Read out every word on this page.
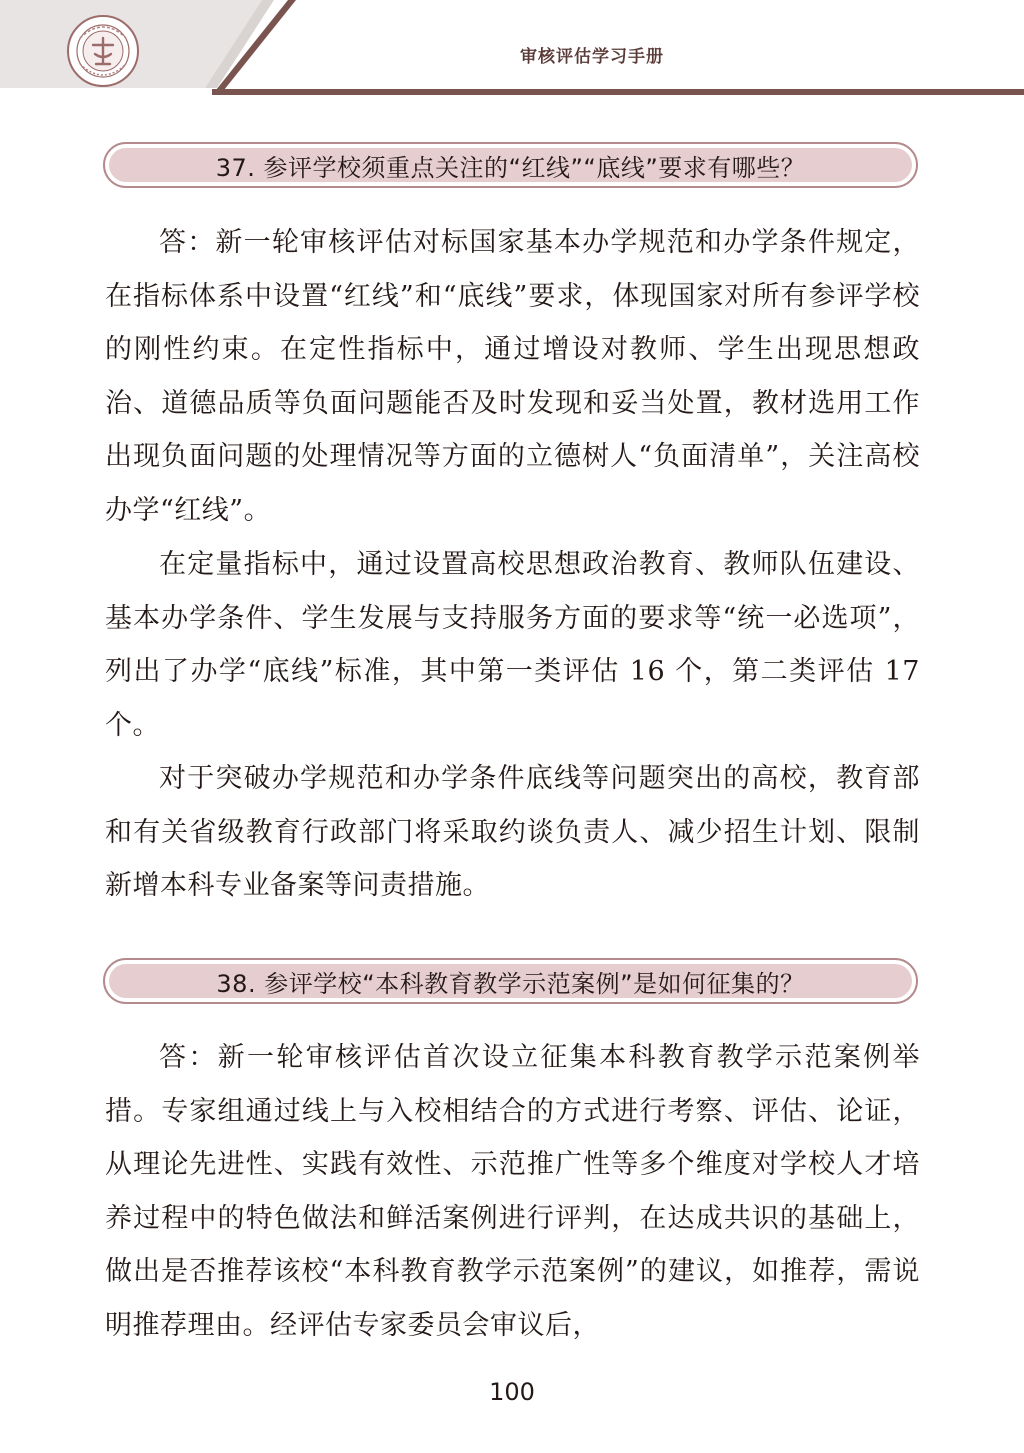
审核评估学习手册
37. 参评学校须重点关注的“红线”“底线”要求有哪些？

答：新一轮审核评估对标国家基本办学规范和办学条件规定，在指标体系中设置“红线”和“底线”要求，体现国家对所有参评学校的刚性约束。在定性指标中，通过增设对教师、学生出现思想政治、道德品质等负面问题能否及时发现和妥当处置，教材选用工作出现负面问题的处理情况等方面的立德树人“负面清单”，关注高校办学“红线”。

在定量指标中，通过设置高校思想政治教育、教师队伍建设、基本办学条件、学生发展与支持服务方面的要求等“统一必选项”，列出了办学“底线”标准，其中第一类评估 16 个，第二类评估 17 个。

对于突破办学规范和办学条件底线等问题突出的高校，教育部和有关省级教育行政部门将采取约谈负责人、减少招生计划、限制新增本科专业备案等问责措施。

38. 参评学校“本科教育教学示范案例”是如何征集的？

答：新一轮审核评估首次设立征集本科教育教学示范案例举措。专家组通过线上与入校相结合的方式进行考察、评估、论证，从理论先进性、实践有效性、示范推广性等多个维度对学校人才培养过程中的特色做法和鲜活案例进行评判，在达成共识的基础上，做出是否推荐该校“本科教育教学示范案例”的建议，如推荐，需说明推荐理由。经评估专家委员会审议后，

100
